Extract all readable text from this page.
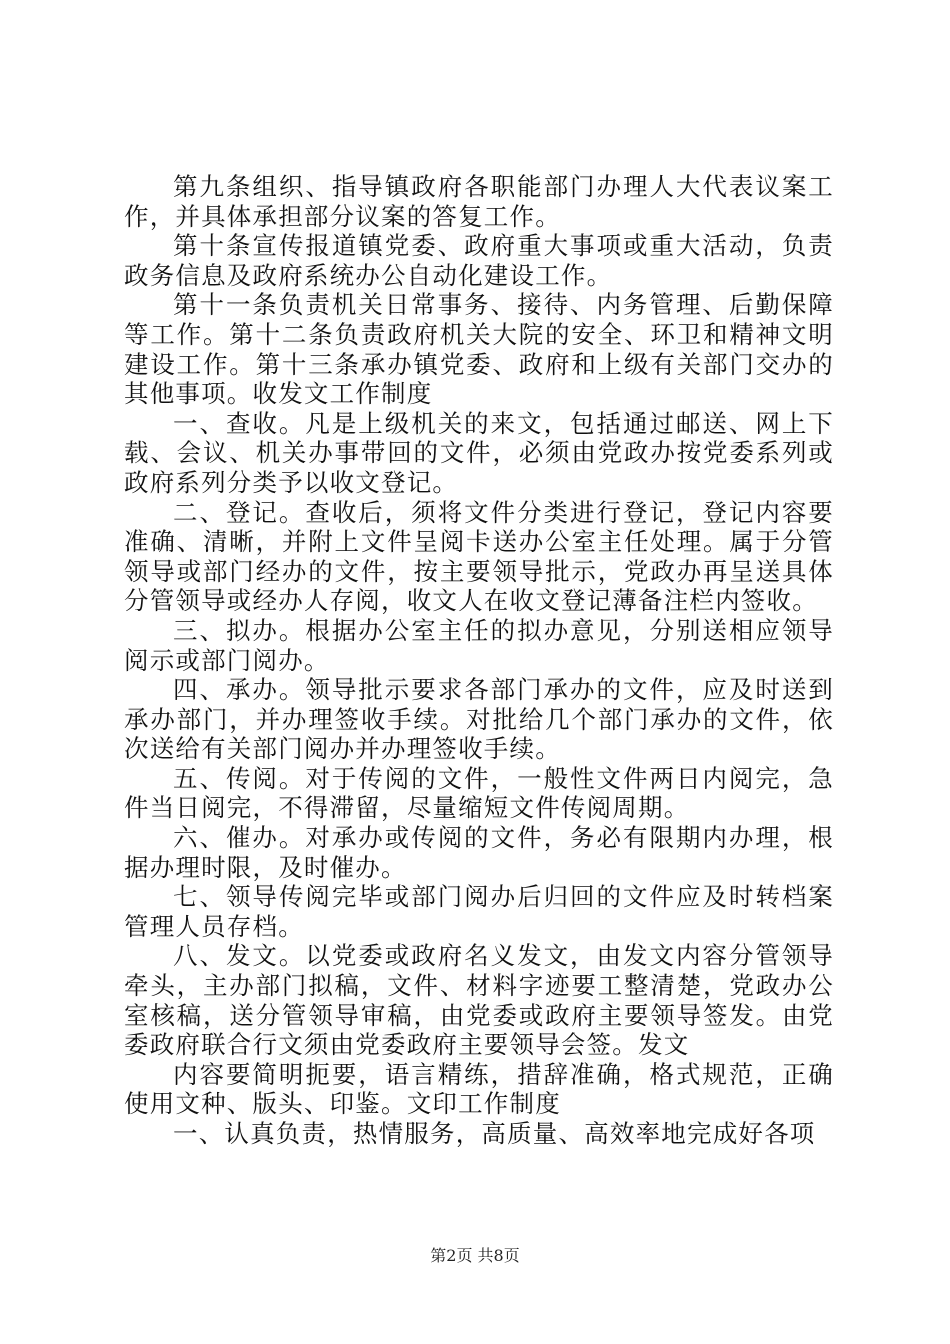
第九条组织、指导镇政府各职能部门办理人大代表议案工作，并具体承担部分议案的答复工作。

第十条宣传报道镇党委、政府重大事项或重大活动，负责政务信息及政府系统办公自动化建设工作。

第十一条负责机关日常事务、接待、内务管理、后勤保障等工作。第十二条负责政府机关大院的安全、环卫和精神文明建设工作。第十三条承办镇党委、政府和上级有关部门交办的其他事项。收发文工作制度

一、查收。凡是上级机关的来文，包括通过邮送、网上下载、会议、机关办事带回的文件，必须由党政办按党委系列或政府系列分类予以收文登记。

二、登记。查收后，须将文件分类进行登记，登记内容要准确、清晰，并附上文件呈阅卡送办公室主任处理。属于分管领导或部门经办的文件，按主要领导批示，党政办再呈送具体分管领导或经办人存阅，收文人在收文登记薄备注栏内签收。

三、拟办。根据办公室主任的拟办意见，分别送相应领导阅示或部门阅办。

四、承办。领导批示要求各部门承办的文件，应及时送到承办部门，并办理签收手续。对批给几个部门承办的文件，依次送给有关部门阅办并办理签收手续。

五、传阅。对于传阅的文件，一般性文件两日内阅完，急件当日阅完，不得滞留，尽量缩短文件传阅周期。

六、催办。对承办或传阅的文件，务必有限期内办理，根据办理时限，及时催办。

七、领导传阅完毕或部门阅办后归回的文件应及时转档案管理人员存档。

八、发文。以党委或政府名义发文，由发文内容分管领导牵头，主办部门拟稿，文件、材料字迹要工整清楚，党政办公室核稿，送分管领导审稿，由党委或政府主要领导签发。由党委政府联合行文须由党委政府主要领导会签。发文

内容要简明扼要，语言精练，措辞准确，格式规范，正确使用文种、版头、印鉴。文印工作制度

一、认真负责，热情服务，高质量、高效率地完成好各项

第2页 共8页
